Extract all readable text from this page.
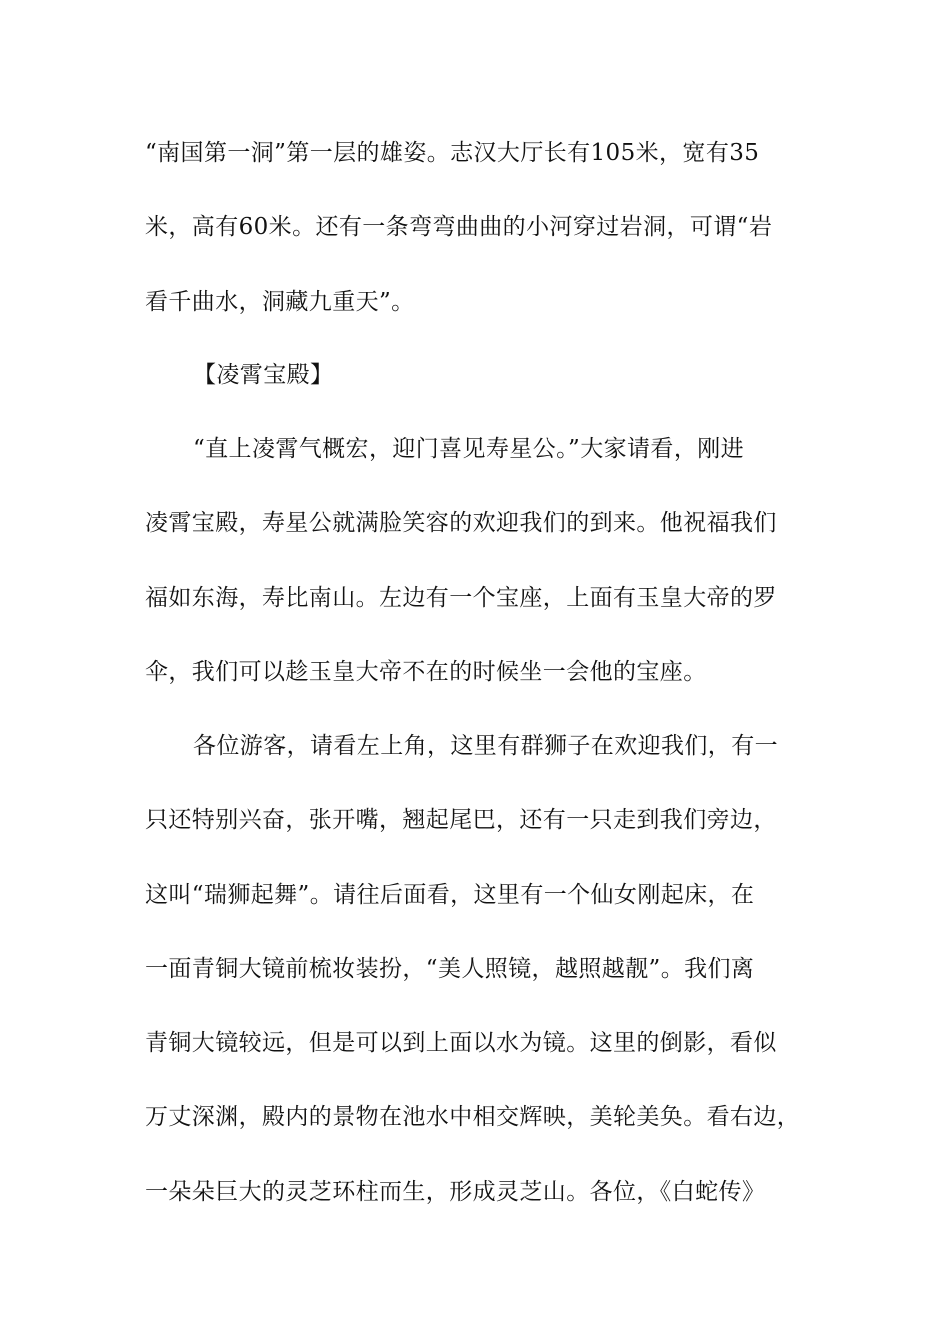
“南国第一洞”第一层的雄姿。志汉大厅长有105米，宽有35
米，高有60米。还有一条弯弯曲曲的小河穿过岩洞，可谓“岩
看千曲水，洞藏九重天”。
【凌霄宝殿】
“直上凌霄气概宏，迎门喜见寿星公。”大家请看，刚进
凌霄宝殿，寿星公就满脸笑容的欢迎我们的到来。他祝福我们
福如东海，寿比南山。左边有一个宝座，上面有玉皇大帝的罗
伞，我们可以趁玉皇大帝不在的时候坐一会他的宝座。
各位游客，请看左上角，这里有群狮子在欢迎我们，有一
只还特别兴奋，张开嘴，翘起尾巴，还有一只走到我们旁边，
这叫“瑞狮起舞”。请往后面看，这里有一个仙女刚起床，在
一面青铜大镜前梳妆装扮，“美人照镜，越照越靓”。我们离
青铜大镜较远，但是可以到上面以水为镜。这里的倒影，看似
万丈深渊，殿内的景物在池水中相交辉映，美轮美奂。看右边，
一朵朵巨大的灵芝环柱而生，形成灵芝山。各位，《白蛇传》
